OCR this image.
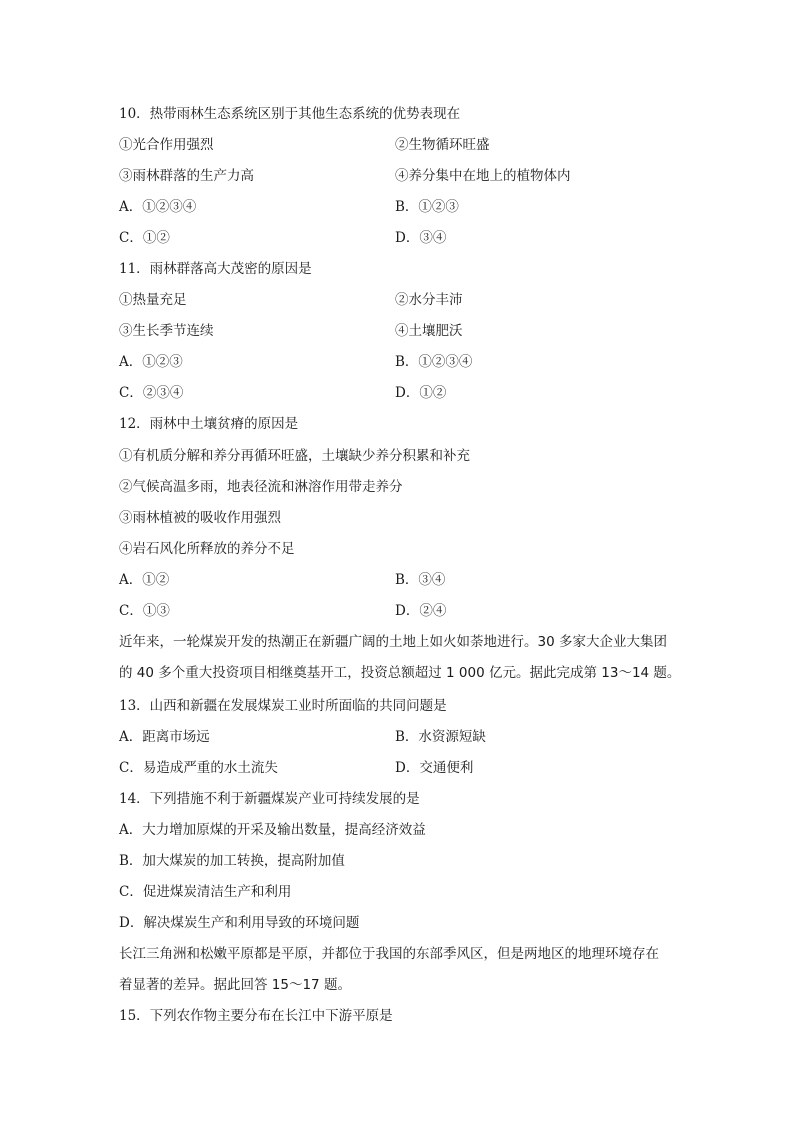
10．热带雨林生态系统区别于其他生态系统的优势表现在
①光合作用强烈	②生物循环旺盛
③雨林群落的生产力高	④养分集中在地上的植物体内
A．①②③④	B．①②③
C．①②	D．③④
11．雨林群落高大茂密的原因是
①热量充足	②水分丰沛
③生长季节连续	④土壤肥沃
A．①②③	B．①②③④
C．②③④	D．①②
12．雨林中土壤贫瘠的原因是
①有机质分解和养分再循环旺盛，土壤缺少养分积累和补充
②气候高温多雨，地表径流和淋溶作用带走养分
③雨林植被的吸收作用强烈
④岩石风化所释放的养分不足
A．①②	B．③④
C．①③	D．②④
近年来，一轮煤炭开发的热潮正在新疆广阔的土地上如火如荼地进行。30 多家大企业大集团
的 40 多个重大投资项目相继奠基开工，投资总额超过 1 000 亿元。据此完成第 13～14 题。
13．山西和新疆在发展煤炭工业时所面临的共同问题是
A．距离市场远	B．水资源短缺
C．易造成严重的水土流失	D．交通便利
14．下列措施不利于新疆煤炭产业可持续发展的是
A．大力增加原煤的开采及输出数量，提高经济效益
B．加大煤炭的加工转换，提高附加值
C．促进煤炭清洁生产和利用
D．解决煤炭生产和利用导致的环境问题
长江三角洲和松嫩平原都是平原，并都位于我国的东部季风区，但是两地区的地理环境存在
着显著的差异。据此回答 15～17 题。
15．下列农作物主要分布在长江中下游平原是
